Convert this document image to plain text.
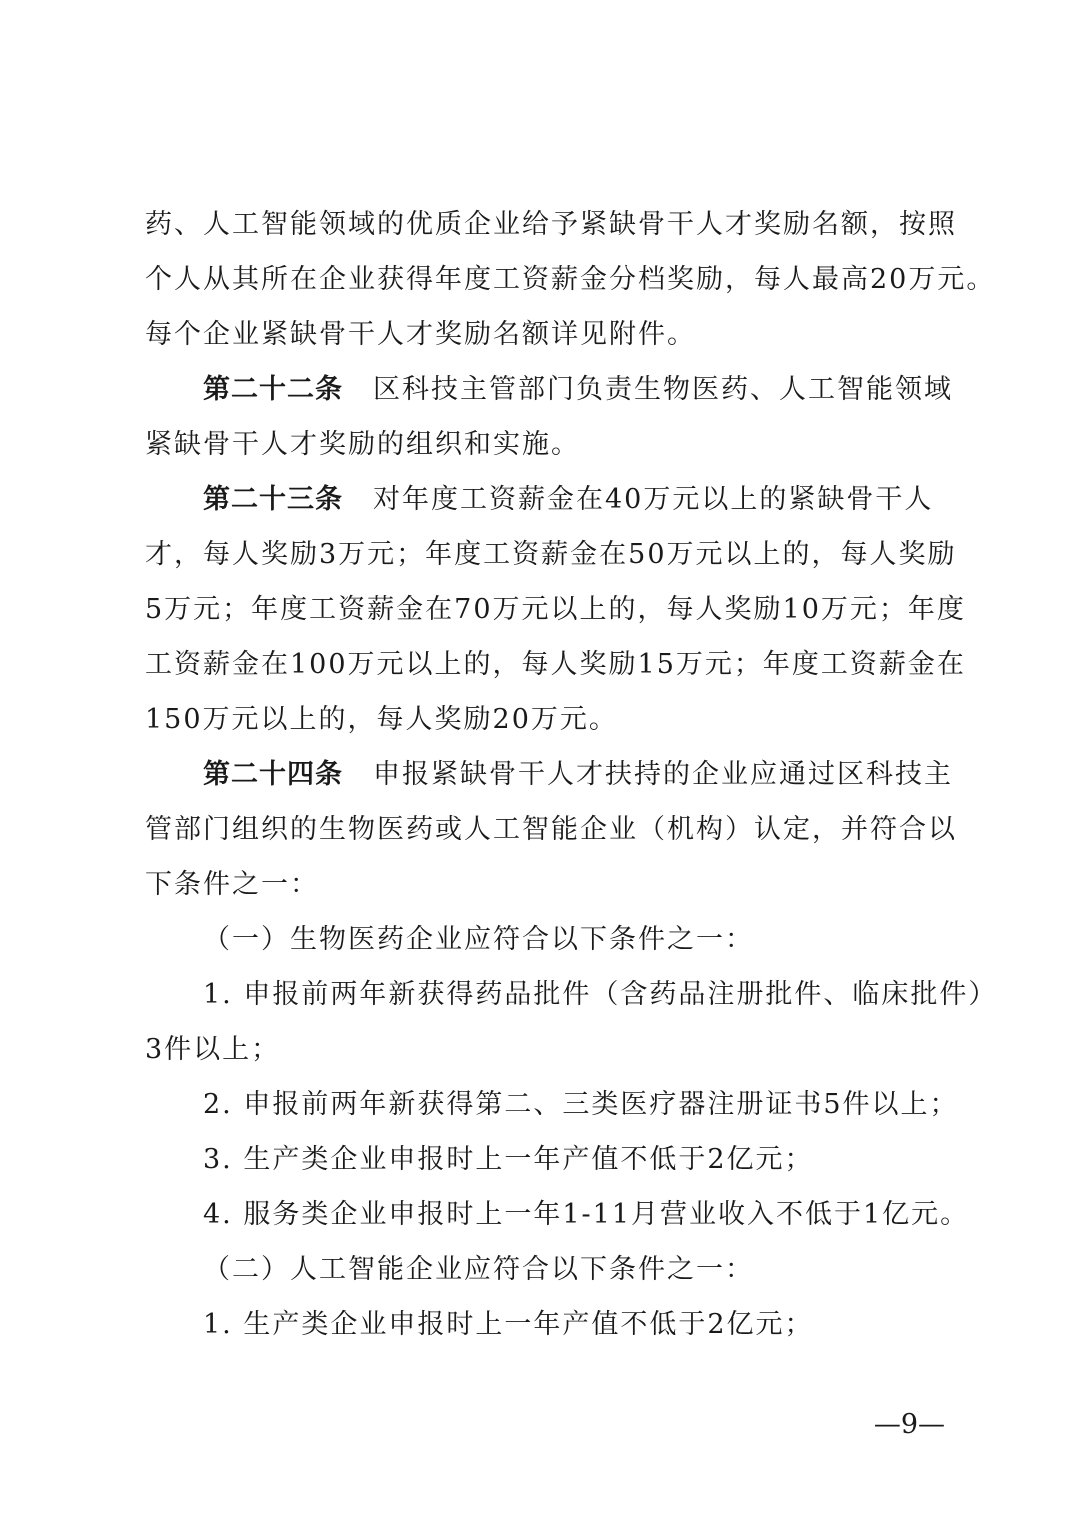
药、人工智能领域的优质企业给予紧缺骨干人才奖励名额，按照
个人从其所在企业获得年度工资薪金分档奖励，每人最高20万元。
每个企业紧缺骨干人才奖励名额详见附件。
第二十二条 区科技主管部门负责生物医药、人工智能领域
紧缺骨干人才奖励的组织和实施。
第二十三条 对年度工资薪金在40万元以上的紧缺骨干人
才，每人奖励3万元；年度工资薪金在50万元以上的，每人奖励
5万元；年度工资薪金在70万元以上的，每人奖励10万元；年度
工资薪金在100万元以上的，每人奖励15万元；年度工资薪金在
150万元以上的，每人奖励20万元。
第二十四条 申报紧缺骨干人才扶持的企业应通过区科技主
管部门组织的生物医药或人工智能企业（机构）认定，并符合以
下条件之一：
（一）生物医药企业应符合以下条件之一：
1. 申报前两年新获得药品批件（含药品注册批件、临床批件）
3件以上；
2. 申报前两年新获得第二、三类医疗器注册证书5件以上；
3. 生产类企业申报时上一年产值不低于2亿元；
4. 服务类企业申报时上一年1-11月营业收入不低于1亿元。
（二）人工智能企业应符合以下条件之一：
1. 生产类企业申报时上一年产值不低于2亿元；
—9—
